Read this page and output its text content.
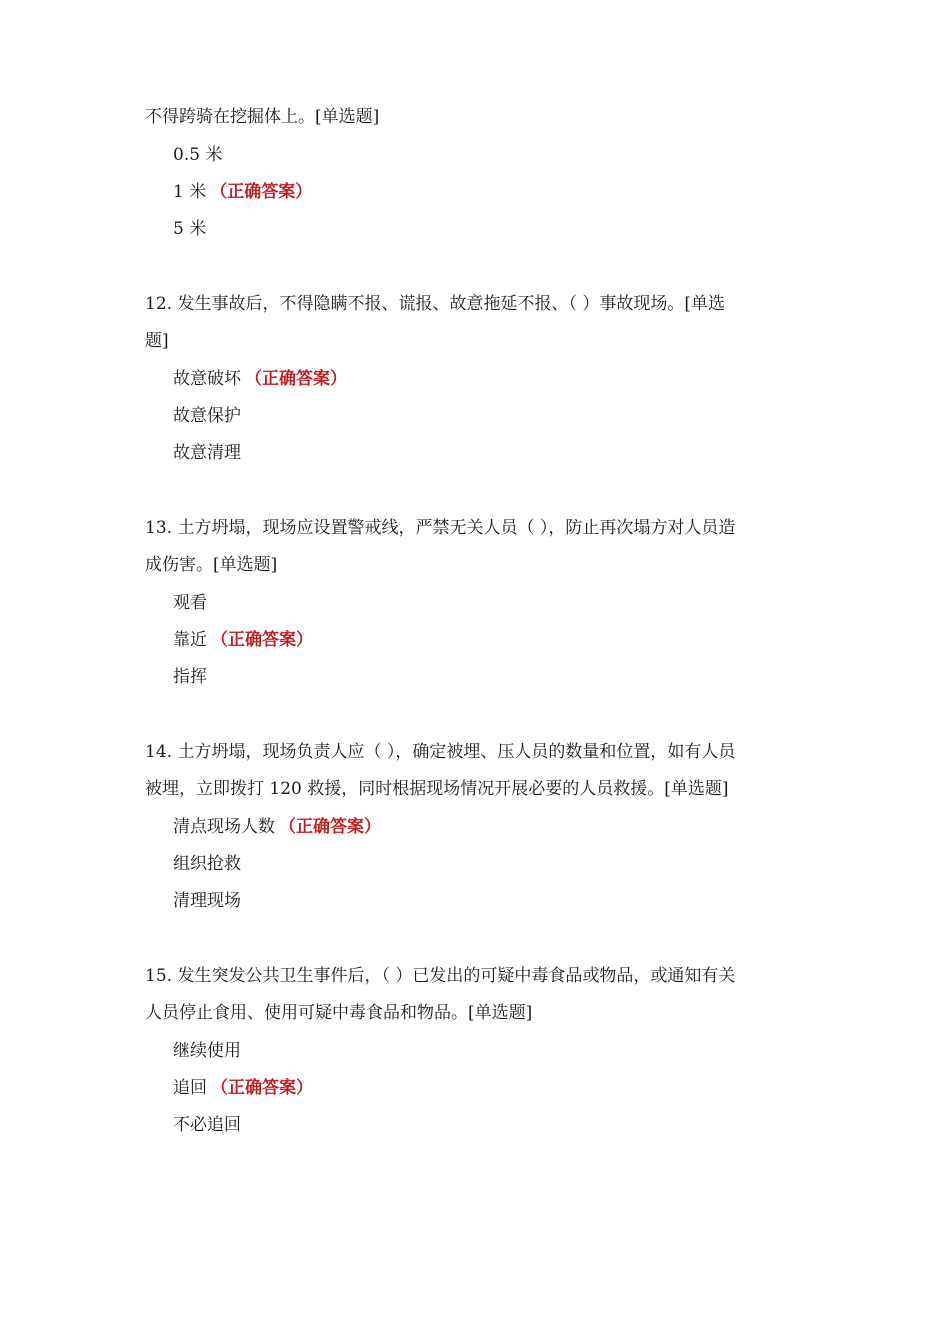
不得跨骑在挖掘体上。[单选题]
0.5 米
1 米 （正确答案）
5 米
12. 发生事故后，不得隐瞒不报、谎报、故意拖延不报、（ ）事故现场。[单选
题]
故意破坏 （正确答案）
故意保护
故意清理
13. 土方坍塌，现场应设置警戒线，严禁无关人员（ ），防止再次塌方对人员造
成伤害。[单选题]
观看
靠近 （正确答案）
指挥
14. 土方坍塌，现场负责人应（ ），确定被埋、压人员的数量和位置，如有人员
被埋，立即拨打 120 救援，同时根据现场情况开展必要的人员救援。[单选题]
清点现场人数 （正确答案）
组织抢救
清理现场
15. 发生突发公共卫生事件后，（ ）已发出的可疑中毒食品或物品，或通知有关
人员停止食用、使用可疑中毒食品和物品。[单选题]
继续使用
追回 （正确答案）
不必追回
